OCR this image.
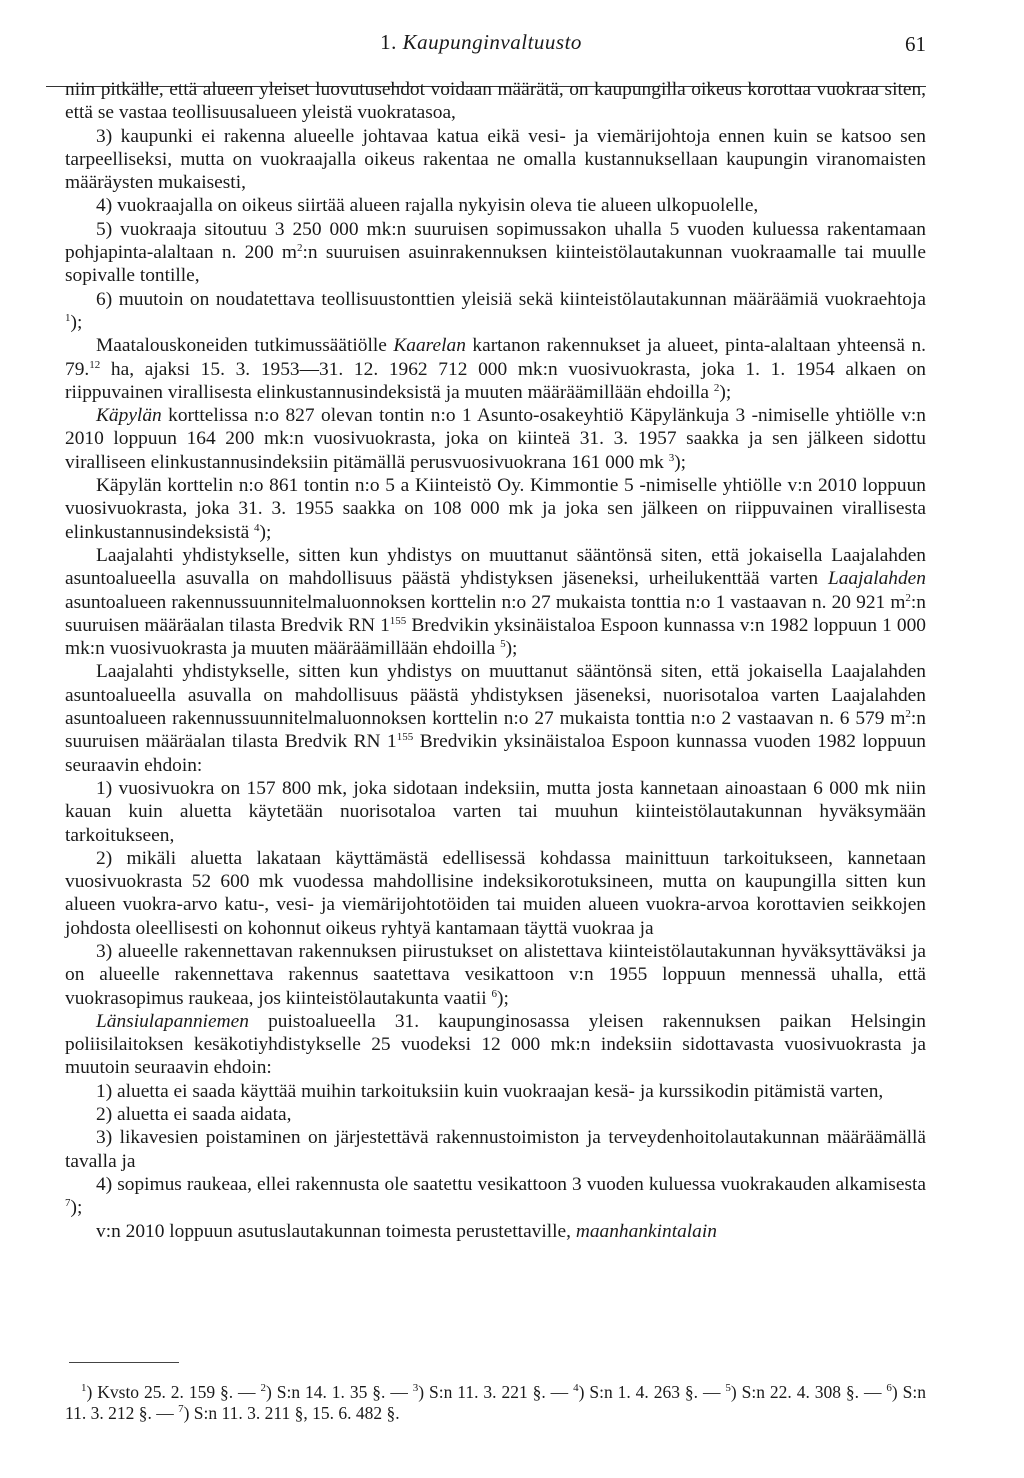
1. Kaupunginvaltuusto	61

niin pitkälle, että alueen yleiset luovutusehdot voidaan määrätä, on kaupungilla oikeus korottaa vuokraa siten, että se vastaa teollisuusalueen yleistä vuokratasoa,

3) kaupunki ei rakenna alueelle johtavaa katua eikä vesi- ja viemärijohtoja ennen kuin se katsoo sen tarpeelliseksi, mutta on vuokraajalla oikeus rakentaa ne omalla kustannuksellaan kaupungin viranomaisten määräysten mukaisesti,

4) vuokraajalla on oikeus siirtää alueen rajalla nykyisin oleva tie alueen ulkopuolelle,

5) vuokraaja sitoutuu 3 250 000 mk:n suuruisen sopimussakon uhalla 5 vuoden kuluessa rakentamaan pohjapinta-alaltaan n. 200 $m^2:n$ suuruisen asuinrakennuksen kiinteistölautakunnan vuokraamalle tai muulle sopivalle tontille,

6) muutoin on noudatettava teollisuustonttien yleisiä sekä kiinteistölautakunnan määräämiä vuokraehtoja $^1$);

Maatalouskoneiden tutkimussäätiölle Kaarelan kartanon rakennukset ja alueet, pinta-alaltaan yhteensä n. 79.12 ha, ajaksi 15. 3. 1953—31. 12. 1962 712 000 mk:n vuosivuokrasta, joka 1. 1. 1954 alkaen on riippuvainen virallisesta elinkustannusindeksistä ja muuten määräämillään ehdoilla $^2$);

Käpylän korttelissa n:o 827 olevan tontin n:o 1 Asunto-osakeyhtiö Käpylänkuja 3 -nimiselle yhtiölle v:n 2010 loppuun 164 200 mk:n vuosivuokrasta, joka on kiinteä 31. 3. 1957 saakka ja sen jälkeen sidottu viralliseen elinkustannusindeksiin pitämällä perusvuosivuokrana 161 000 mk $^3$);

Käpylän korttelin n:o 861 tontin n:o 5 a Kiinteistö Oy. Kimmontie 5 -nimiselle yhtiölle v:n 2010 loppuun vuosivuokrasta, joka 31. 3. 1955 saakka on 108 000 mk ja joka sen jälkeen on riippuvainen virallisesta elinkustannusindeksistä $^4$);

Laajalahti yhdistykselle, sitten kun yhdistys on muuttanut sääntönsä siten, että jokaisella Laajalahden asuntoalueella asuvalla on mahdollisuus päästä yhdistyksen jäseneksi, urheilukenttää varten Laajalahden asuntoalueen rakennussuunnitelmaluonnoksen korttelin n:o 27 mukaista tonttia n:o 1 vastaavan n. 20 921 $m^2:n$ suuruisen määräalan tilasta Bredvik RN $1^{155}$ Bredvikin yksinäistaloa Espoon kunnassa v:n 1982 loppuun 1 000 mk:n vuosivuokrasta ja muuten määräämillään ehdoilla $^5$);

Laajalahti yhdistykselle, sitten kun yhdistys on muuttanut sääntönsä siten, että jokaisella Laajalahden asuntoalueella asuvalla on mahdollisuus päästä yhdistyksen jäseneksi, nuorisotaloa varten Laajalahden asuntoalueen rakennussuunnitelmaluonnoksen korttelin n:o 27 mukaista tonttia n:o 2 vastaavan n. 6 579 $m^2:n$ suuruisen määräalan tilasta Bredvik RN $1^{155}$ Bredvikin yksinäistaloa Espoon kunnassa vuoden 1982 loppuun seuraavin ehdoin:

1) vuosivuokra on 157 800 mk, joka sidotaan indeksiin, mutta josta kannetaan ainoastaan 6 000 mk niin kauan kuin aluetta käytetään nuorisotaloa varten tai muuhun kiinteistölautakunnan hyväksymään tarkoitukseen,

2) mikäli aluetta lakataan käyttämästä edellisessä kohdassa mainittuun tarkoitukseen, kannetaan vuosivuokrasta 52 600 mk vuodessa mahdollisine indeksikorotuksineen, mutta on kaupungilla sitten kun alueen vuokra-arvo katu-, vesi- ja viemärijohtotöiden tai muiden alueen vuokra-arvoa korottavien seikkojen johdosta oleellisesti on kohonnut oikeus ryhtyä kantamaan täyttä vuokraa ja

3) alueelle rakennettavan rakennuksen piirustukset on alistettava kiinteistölautakunnan hyväksyttäväksi ja on alueelle rakennettava rakennus saatettava vesikattoon v:n 1955 loppuun mennessä uhalla, että vuokrasopimus raukeaa, jos kiinteistölautakunta vaatii $^6$);

Länsiulapanniemen puistoalueella 31. kaupunginosassa yleisen rakennuksen paikan Helsingin poliisilaitoksen kesäkotiyhdistykselle 25 vuodeksi 12 000 mk:n indeksiin sidottavasta vuosivuokrasta ja muutoin seuraavin ehdoin:

1) aluetta ei saada käyttää muihin tarkoituksiin kuin vuokraajan kesä- ja kurssikodin pitämistä varten,

2) aluetta ei saada aidata,

3) likavesien poistaminen on järjestettävä rakennustoimiston ja terveydenhoitolautakunnan määräämällä tavalla ja

4) sopimus raukeaa, ellei rakennusta ole saatettu vesikattoon 3 vuoden kuluessa vuokrakauden alkamisesta $^7$);

v:n 2010 loppuun asutuslautakunnan toimesta perustettaville, maanhankintalain

$^1$) Kvsto 25. 2. 159 §. — $^2$) S:n 14. 1. 35 §. — $^3$) S:n 11. 3. 221 §. — $^4$) S:n 1. 4. 263 §. — $^5$) S:n 22. 4. 308 §. — $^6$) S:n 11. 3. 212 §. — $^7$) S:n 11. 3. 211 §, 15. 6. 482 §.
